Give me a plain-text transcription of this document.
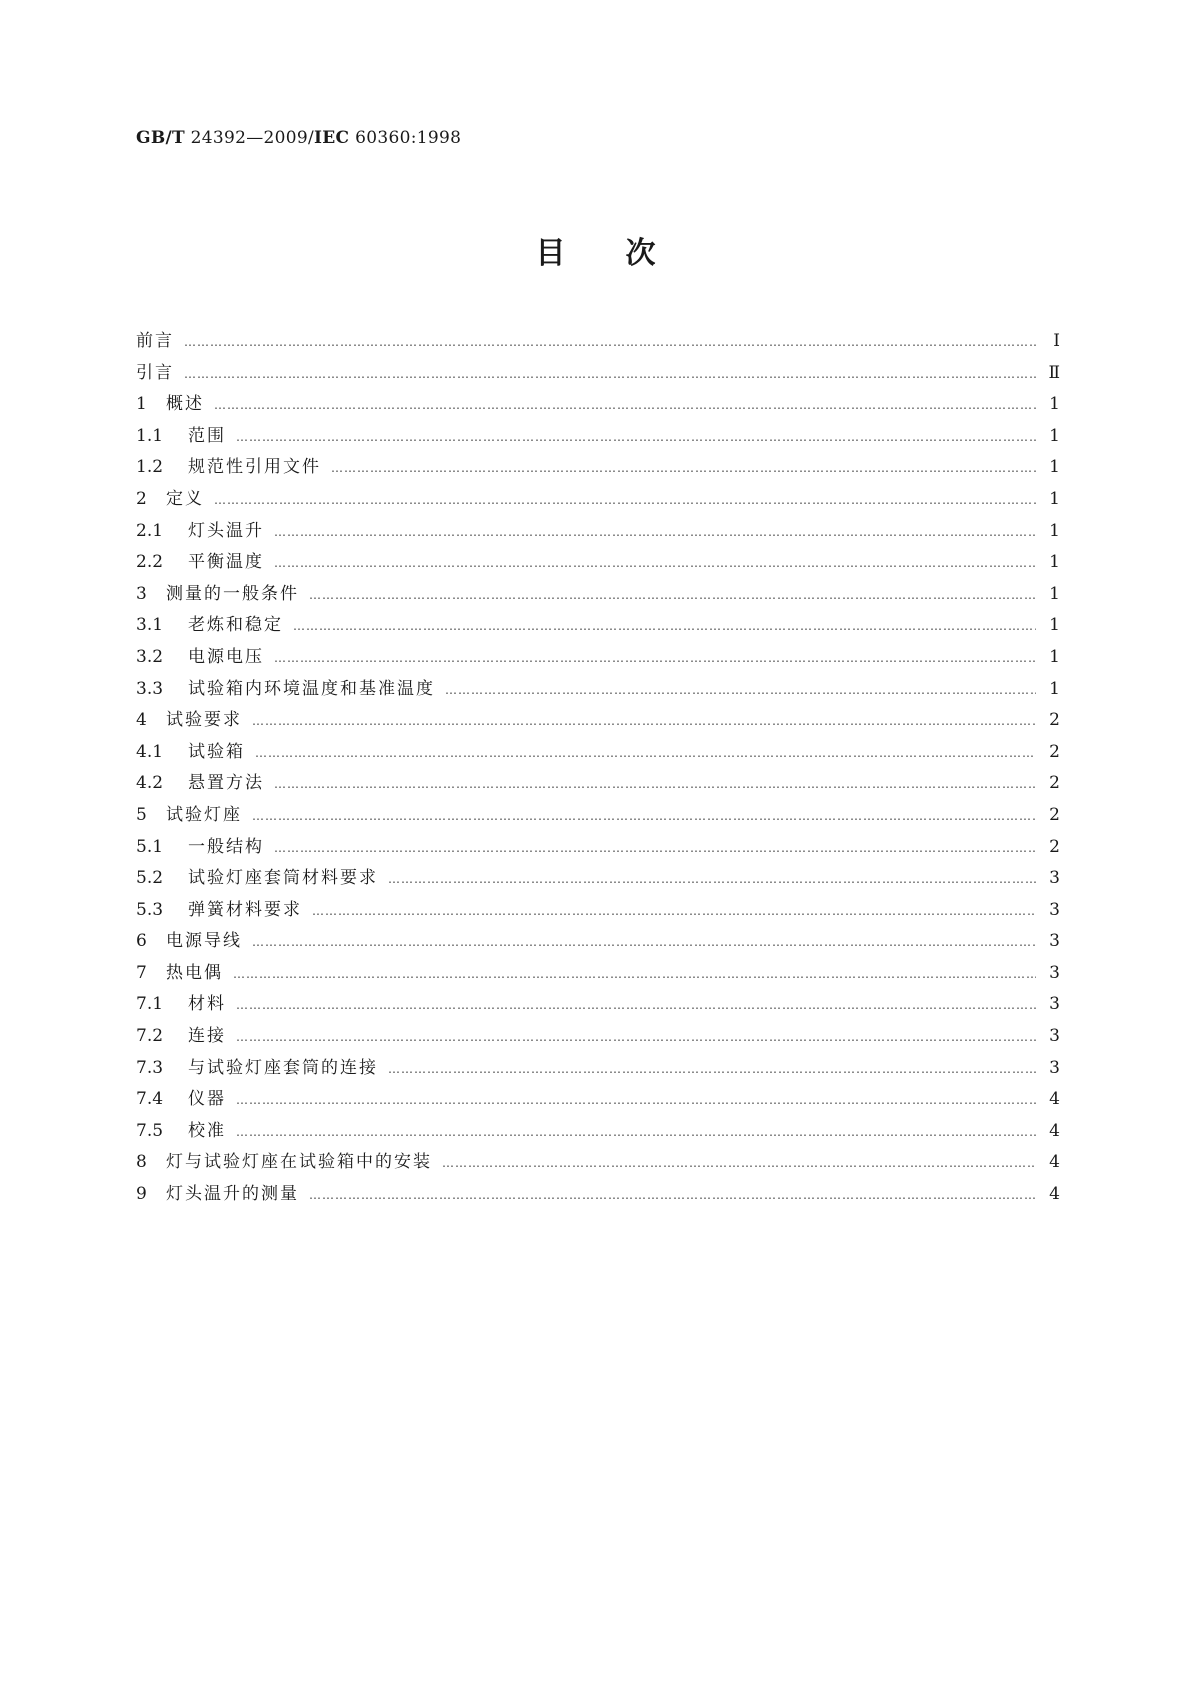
GB/T 24392—2009/IEC 60360:1998
目次
前言 …………………………………………………………………………………………………………………………………………………………………………………………………………………………………………………………………	Ⅰ
引言 …………………………………………………………………………………………………………………………………………………………………………………………………………………………………………………………………	Ⅱ
1	概述 …………………………………………………………………………………………………………………………………………………………………………………………………………………………………………………………………	1
1.1	范围 …………………………………………………………………………………………………………………………………………………………………………………………………………………………………………………………………	1
1.2	规范性引用文件 …………………………………………………………………………………………………………………………………………………………………………………………………………………………………………………………………	1
2	定义 …………………………………………………………………………………………………………………………………………………………………………………………………………………………………………………………………	1
2.1	灯头温升 …………………………………………………………………………………………………………………………………………………………………………………………………………………………………………………………………	1
2.2	平衡温度 …………………………………………………………………………………………………………………………………………………………………………………………………………………………………………………………………	1
3	测量的一般条件 …………………………………………………………………………………………………………………………………………………………………………………………………………………………………………………………………	1
3.1	老炼和稳定 …………………………………………………………………………………………………………………………………………………………………………………………………………………………………………………………………	1
3.2	电源电压 …………………………………………………………………………………………………………………………………………………………………………………………………………………………………………………………………	1
3.3	试验箱内环境温度和基准温度 …………………………………………………………………………………………………………………………………………………………………………………………………………………………………………………………………	1
4	试验要求 …………………………………………………………………………………………………………………………………………………………………………………………………………………………………………………………………	2
4.1	试验箱 …………………………………………………………………………………………………………………………………………………………………………………………………………………………………………………………………	2
4.2	悬置方法 …………………………………………………………………………………………………………………………………………………………………………………………………………………………………………………………………	2
5	试验灯座 …………………………………………………………………………………………………………………………………………………………………………………………………………………………………………………………………	2
5.1	一般结构 …………………………………………………………………………………………………………………………………………………………………………………………………………………………………………………………………	2
5.2	试验灯座套筒材料要求 …………………………………………………………………………………………………………………………………………………………………………………………………………………………………………………………………	3
5.3	弹簧材料要求 …………………………………………………………………………………………………………………………………………………………………………………………………………………………………………………………………	3
6	电源导线 …………………………………………………………………………………………………………………………………………………………………………………………………………………………………………………………………	3
7	热电偶 …………………………………………………………………………………………………………………………………………………………………………………………………………………………………………………………………	3
7.1	材料 …………………………………………………………………………………………………………………………………………………………………………………………………………………………………………………………………	3
7.2	连接 …………………………………………………………………………………………………………………………………………………………………………………………………………………………………………………………………	3
7.3	与试验灯座套筒的连接 …………………………………………………………………………………………………………………………………………………………………………………………………………………………………………………………………	3
7.4	仪器 …………………………………………………………………………………………………………………………………………………………………………………………………………………………………………………………………	4
7.5	校准 …………………………………………………………………………………………………………………………………………………………………………………………………………………………………………………………………	4
8	灯与试验灯座在试验箱中的安装 …………………………………………………………………………………………………………………………………………………………………………………………………………………………………………………………………	4
9	灯头温升的测量 …………………………………………………………………………………………………………………………………………………………………………………………………………………………………………………………………	4
